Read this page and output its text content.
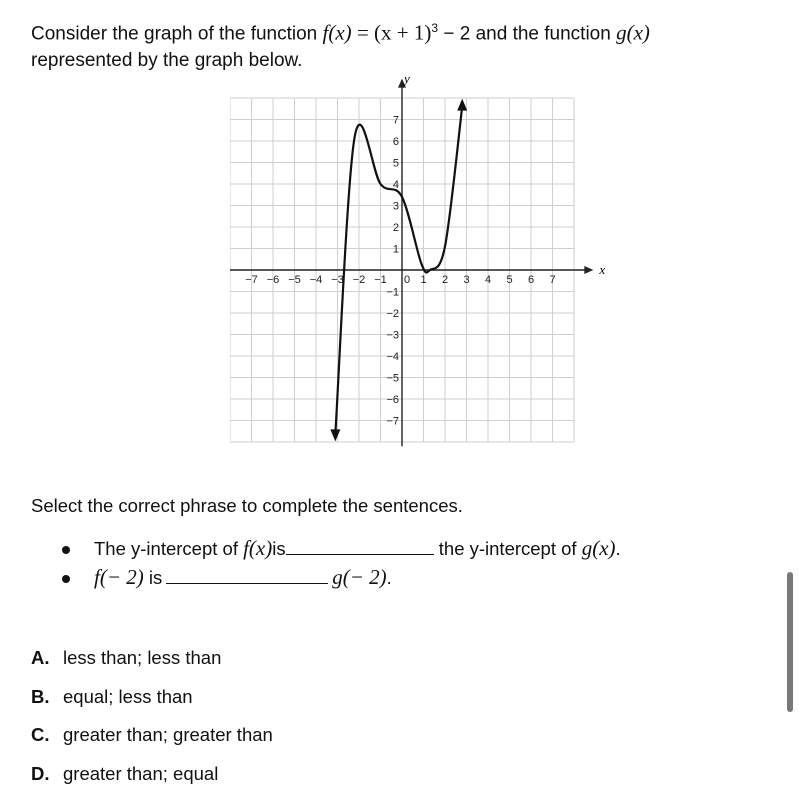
Consider the graph of the function $f(x) = (x + 1)^3 - 2$ and the function g(x)
represented by the graph below.
−7 −6 −5 −4 −3 −2 −1	1 2 3 4 5 6 7
1
2
3
4
5
6
7
−1
−2
−3
−4
−5
−6
−7
0
y
x
Select the correct phrase to complete the sentences.
The y-intercept of f(x)is	the y-intercept of g(x).
f(− 2) is	g(− 2).
A. less than; less than
B. equal; less than
C. greater than; greater than
D. greater than; equal
